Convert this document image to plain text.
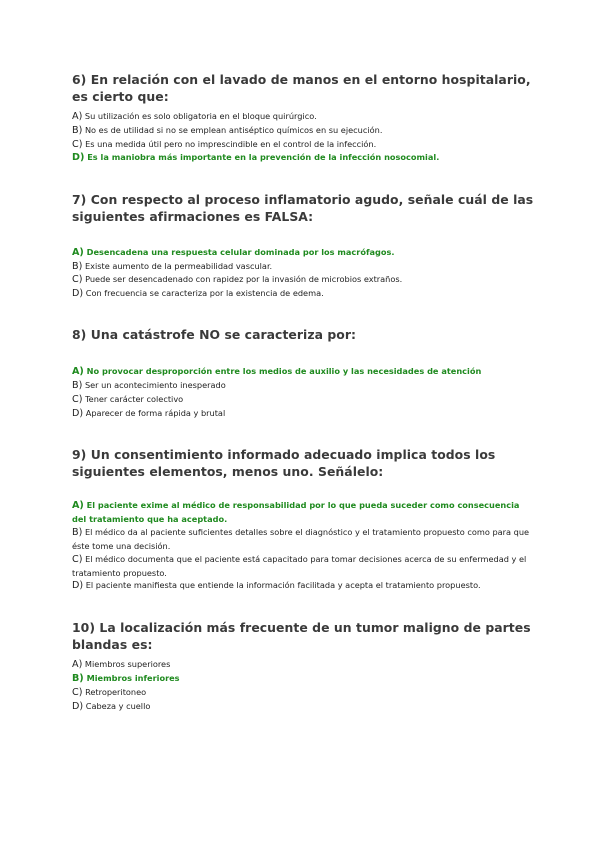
6) En relación con el lavado de manos en el entorno hospitalario, es cierto que:
A) Su utilización es solo obligatoria en el bloque quirúrgico.
B) No es de utilidad si no se emplean antiséptico químicos en su ejecución.
C) Es una medida útil pero no imprescindible en el control de la infección.
D) Es la maniobra más importante en la prevención de la infección nosocomial.
7) Con respecto al proceso inflamatorio agudo, señale cuál de las siguientes afirmaciones es FALSA:
A) Desencadena una respuesta celular dominada por los macrófagos.
B) Existe aumento de la permeabilidad vascular.
C) Puede ser desencadenado con rapidez por la invasión de microbios extraños.
D) Con frecuencia se caracteriza por la existencia de edema.
8) Una catástrofe NO se caracteriza por:
A) No provocar desproporción entre los medios de auxilio y las necesidades de atención
B) Ser un acontecimiento inesperado
C) Tener carácter colectivo
D) Aparecer de forma rápida y brutal
9) Un consentimiento informado adecuado implica todos los siguientes elementos, menos uno. Señálelo:
A) El paciente exime al médico de responsabilidad por lo que pueda suceder como consecuencia del tratamiento que ha aceptado.
B) El médico da al paciente suficientes detalles sobre el diagnóstico y el tratamiento propuesto como para que éste tome una decisión.
C) El médico documenta que el paciente está capacitado para tomar decisiones acerca de su enfermedad y el tratamiento propuesto.
D) El paciente manifiesta que entiende la información facilitada y acepta el tratamiento propuesto.
10) La localización más frecuente de un tumor maligno de partes blandas es:
A) Miembros superiores
B) Miembros inferiores
C) Retroperitoneo
D) Cabeza y cuello
